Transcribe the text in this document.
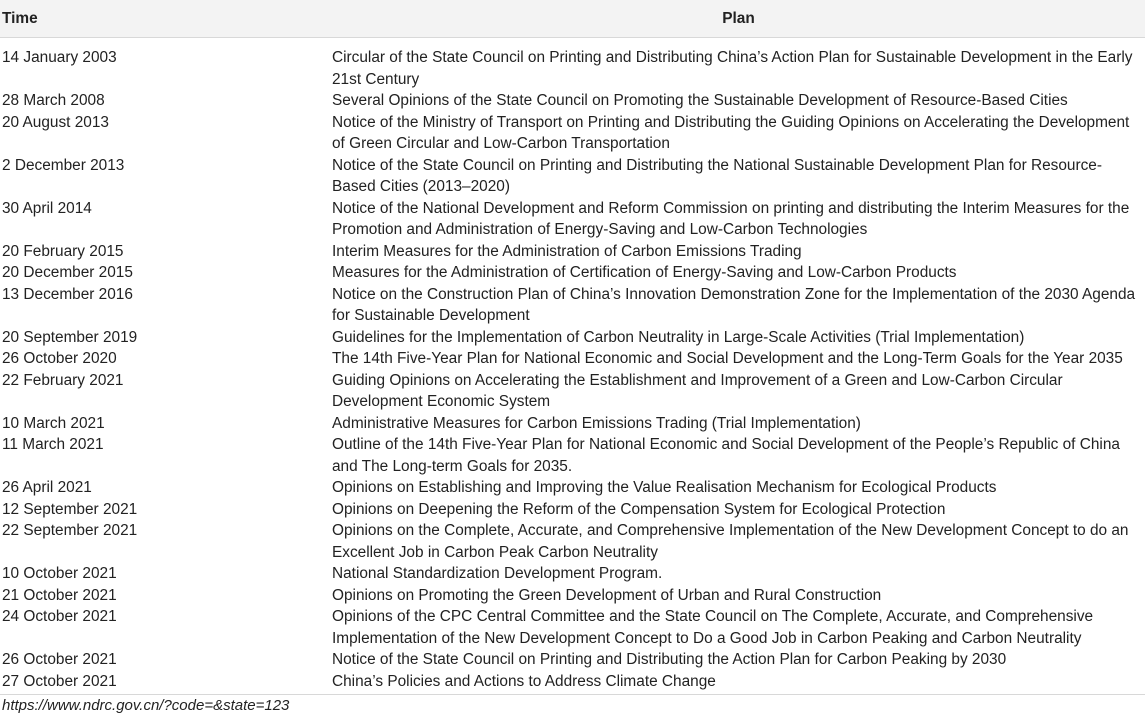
Time	Plan
14 January 2003	Circular of the State Council on Printing and Distributing China’s Action Plan for Sustainable Development in the Early 21st Century
28 March 2008	Several Opinions of the State Council on Promoting the Sustainable Development of Resource-Based Cities
20 August 2013	Notice of the Ministry of Transport on Printing and Distributing the Guiding Opinions on Accelerating the Development of Green Circular and Low-Carbon Transportation
2 December 2013	Notice of the State Council on Printing and Distributing the National Sustainable Development Plan for Resource-Based Cities (2013–2020)
30 April 2014	Notice of the National Development and Reform Commission on printing and distributing the Interim Measures for the Promotion and Administration of Energy-Saving and Low-Carbon Technologies
20 February 2015	Interim Measures for the Administration of Carbon Emissions Trading
20 December 2015	Measures for the Administration of Certification of Energy-Saving and Low-Carbon Products
13 December 2016	Notice on the Construction Plan of China’s Innovation Demonstration Zone for the Implementation of the 2030 Agenda for Sustainable Development
20 September 2019	Guidelines for the Implementation of Carbon Neutrality in Large-Scale Activities (Trial Implementation)
26 October 2020	The 14th Five-Year Plan for National Economic and Social Development and the Long-Term Goals for the Year 2035
22 February 2021	Guiding Opinions on Accelerating the Establishment and Improvement of a Green and Low-Carbon Circular Development Economic System
10 March 2021	Administrative Measures for Carbon Emissions Trading (Trial Implementation)
11 March 2021	Outline of the 14th Five-Year Plan for National Economic and Social Development of the People’s Republic of China and The Long-term Goals for 2035.
26 April 2021	Opinions on Establishing and Improving the Value Realisation Mechanism for Ecological Products
12 September 2021	Opinions on Deepening the Reform of the Compensation System for Ecological Protection
22 September 2021	Opinions on the Complete, Accurate, and Comprehensive Implementation of the New Development Concept to do an Excellent Job in Carbon Peak Carbon Neutrality
10 October 2021	National Standardization Development Program.
21 October 2021	Opinions on Promoting the Green Development of Urban and Rural Construction
24 October 2021	Opinions of the CPC Central Committee and the State Council on The Complete, Accurate, and Comprehensive Implementation of the New Development Concept to Do a Good Job in Carbon Peaking and Carbon Neutrality
26 October 2021	Notice of the State Council on Printing and Distributing the Action Plan for Carbon Peaking by 2030
27 October 2021	China’s Policies and Actions to Address Climate Change
https://www.ndrc.gov.cn/?code=&state=123
